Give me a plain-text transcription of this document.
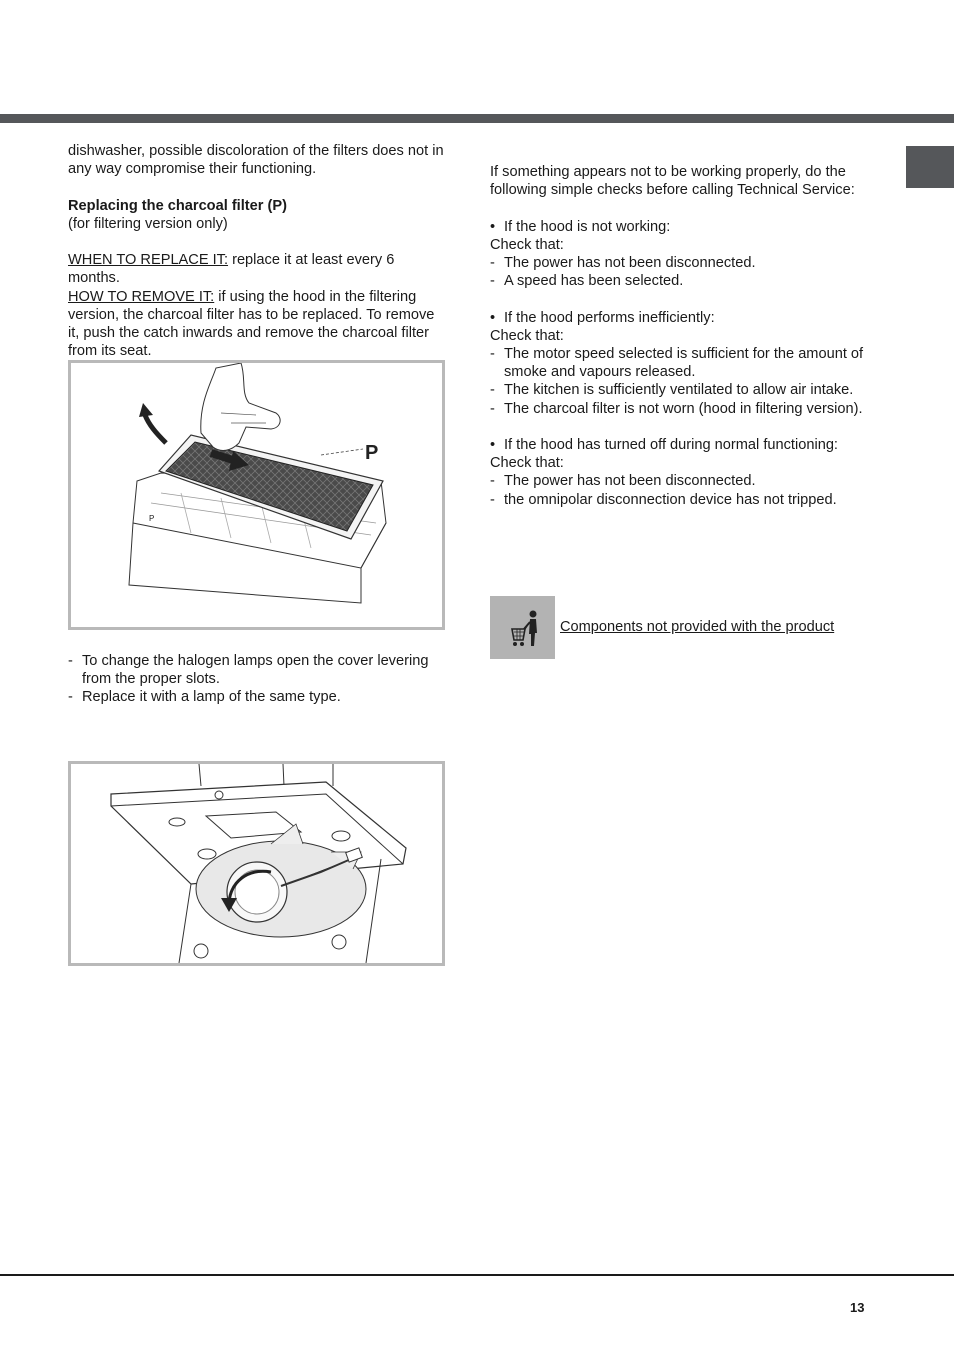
dishwasher, possible discoloration of the filters does not in any way compromise their functioning.

Replacing the charcoal filter (P)

(for filtering version only)

WHEN TO REPLACE IT: replace it at least every 6 months.

HOW TO REMOVE IT: if using the hood in the filtering version, the charcoal filter has to be replaced. To remove it, push the catch inwards and remove the charcoal filter from its seat.

P
P
- To change the halogen lamps open the cover levering from the proper slots.
- Replace it with a lamp of the same type.

If something appears not to be working properly, do the following simple checks before calling Technical Service:

• If the hood is not working:

Check that:

- The power has not been disconnected.
- A speed has been selected.
• If the hood performs inefficiently:

Check that:

- The motor speed selected is sufficient for the amount of smoke and vapours released.
- The kitchen is sufficiently ventilated to allow air intake.
- The charcoal filter is not worn (hood in filtering version).
• If the hood has turned off during normal functioning:

Check that:

- The power has not been disconnected.
- the omnipolar disconnection device has not tripped.
Components not provided with the product
13
